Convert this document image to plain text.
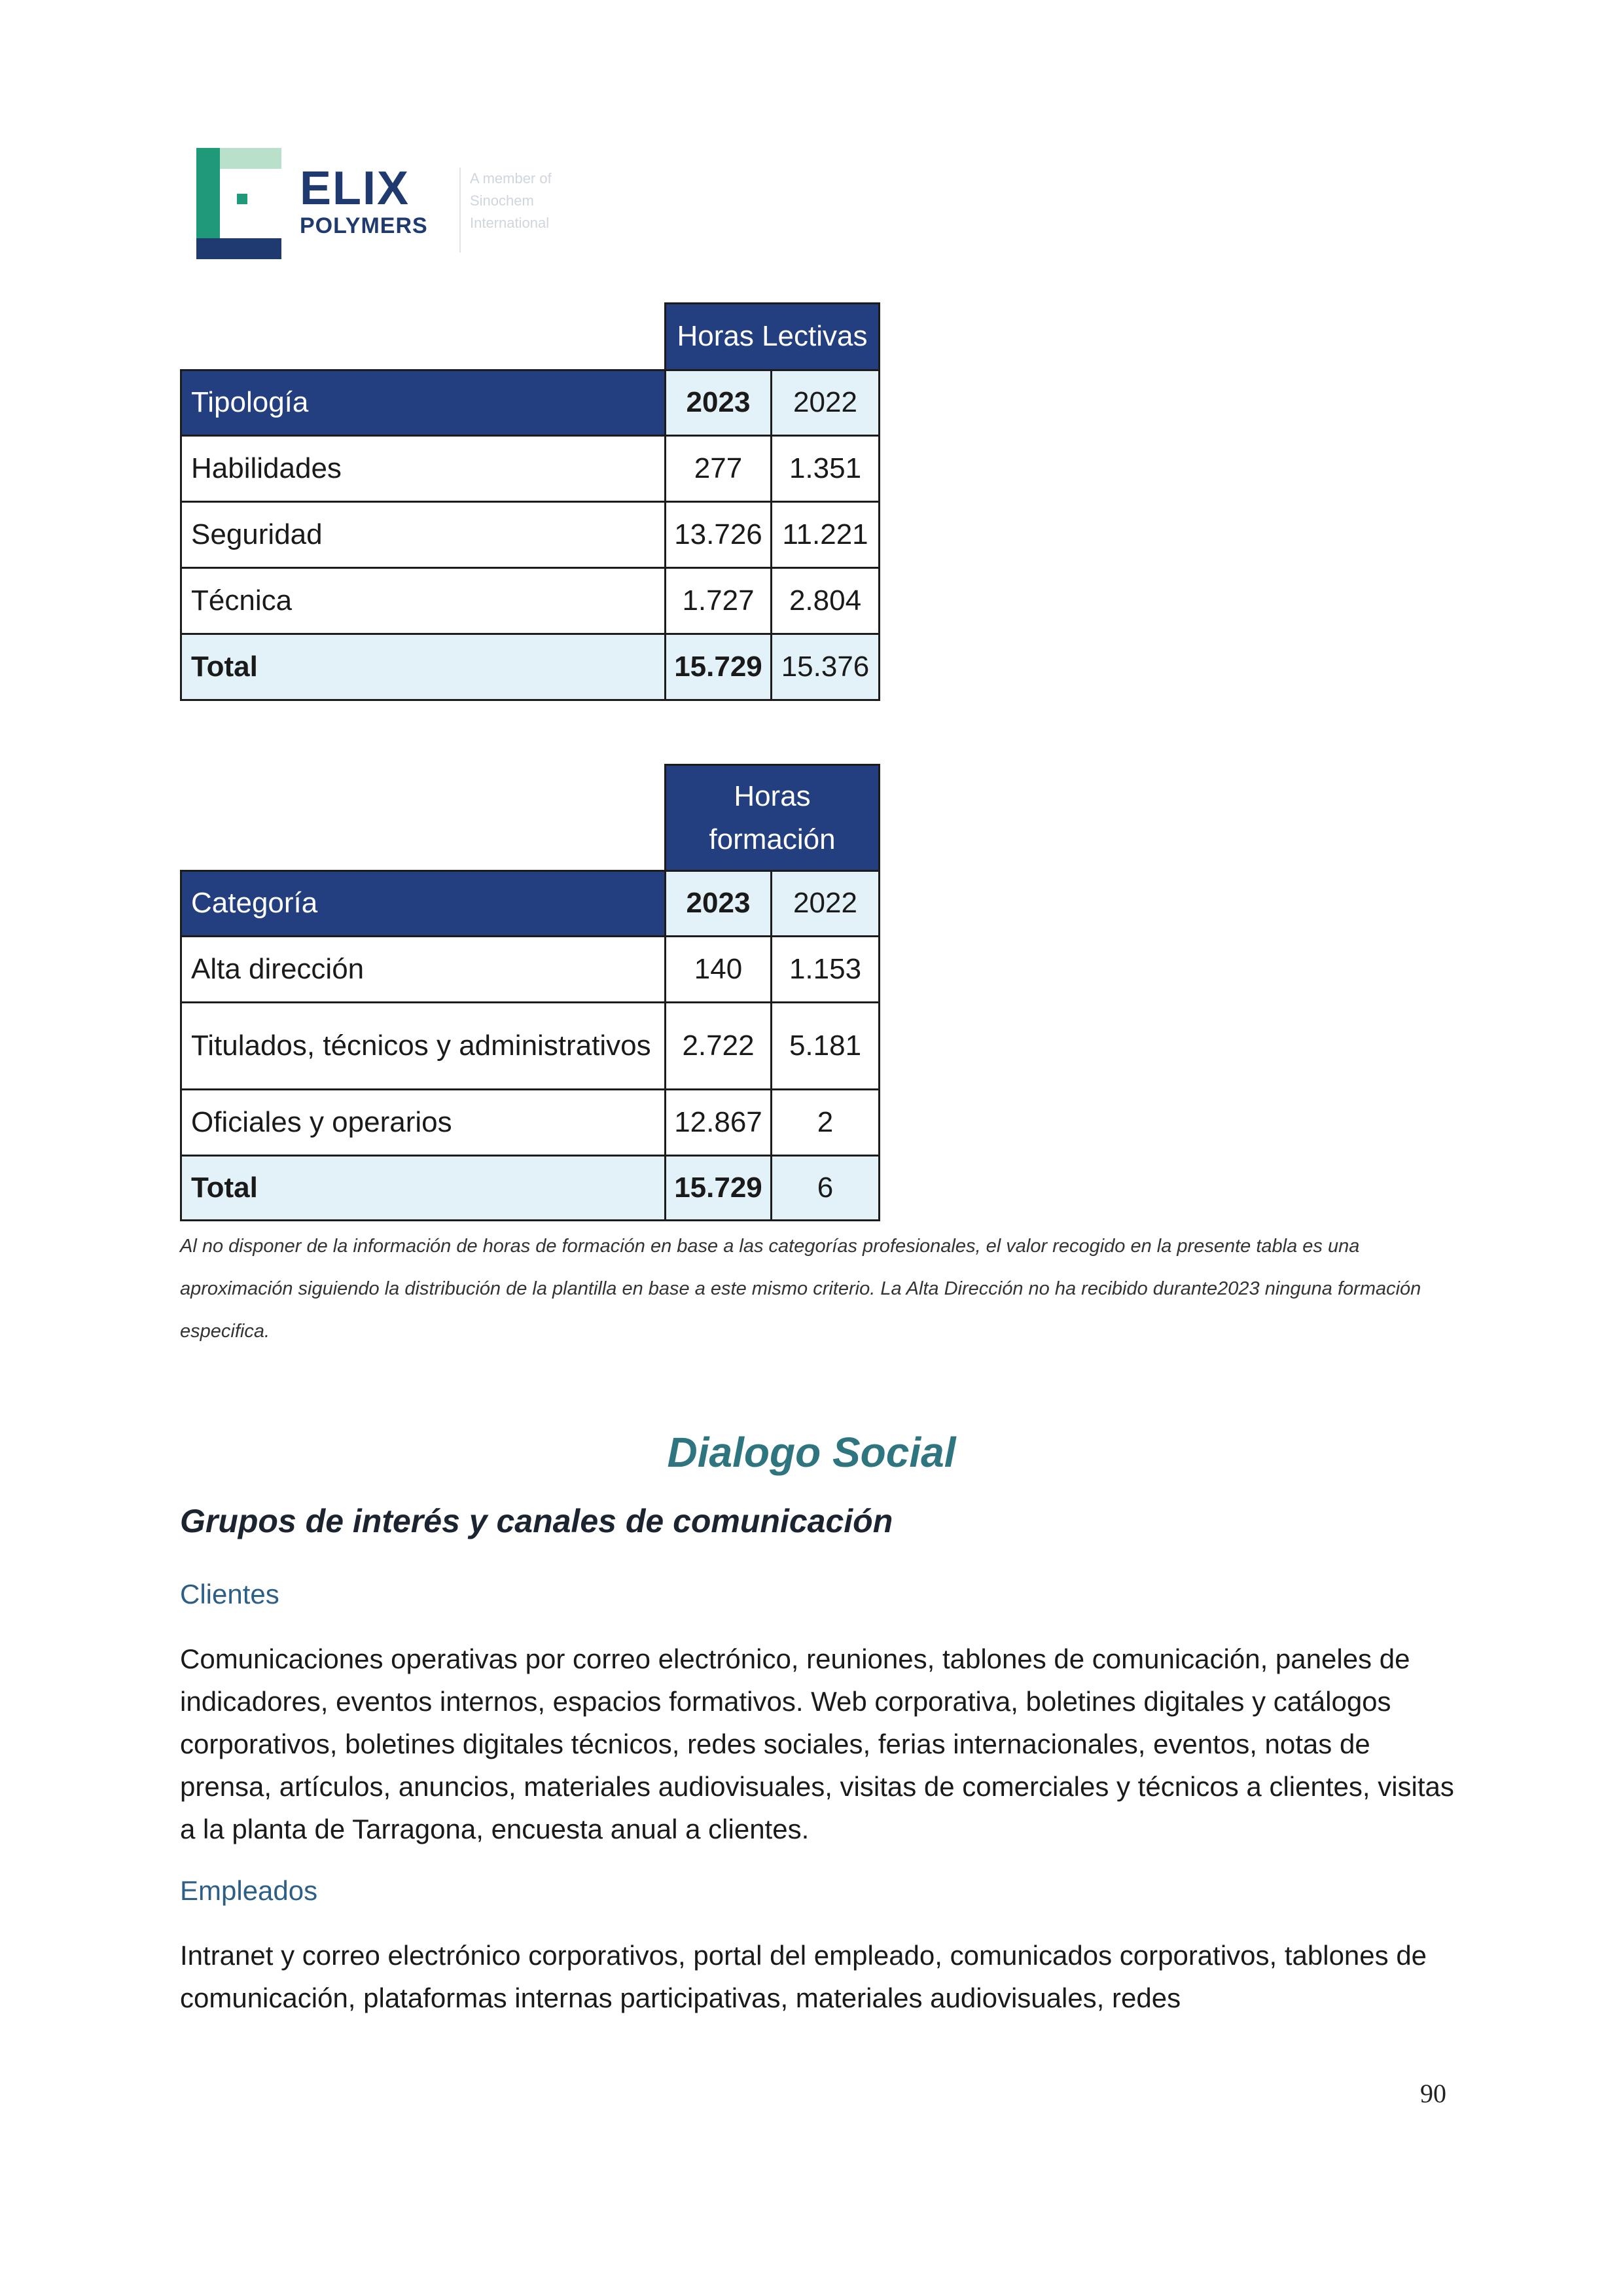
ELIX
POLYMERS
A member of
Sinochem
International
Horas Lectivas
Tipología	2023	2022
Habilidades	277	1.351
Seguridad	13.726 11.221
Técnica	1.727	2.804
Total	15.729 15.376
Horas formación
Categoría	2023	2022
Alta dirección	140	1.153
Titulados, técnicos y administrativos	2.722	5.181
Oficiales y operarios	12.867	2
Total	15.729	6
Al no disponer de la información de horas de formación en base a las categorías profesionales, el valor recogido en la presente tabla es una aproximación siguiendo la distribución de la plantilla en base a este mismo criterio. La Alta Dirección no ha recibido durante2023 ninguna formación especifica.
Dialogo Social
Grupos de interés y canales de comunicación
Clientes
Comunicaciones operativas por correo electrónico, reuniones, tablones de comunicación, paneles de indicadores, eventos internos, espacios formativos. Web corporativa, boletines digitales y catálogos corporativos, boletines digitales técnicos, redes sociales, ferias internacionales, eventos, notas de prensa, artículos, anuncios, materiales audiovisuales, visitas de comerciales y técnicos a clientes, visitas a la planta de Tarragona, encuesta anual a clientes.
Empleados
Intranet y correo electrónico corporativos, portal del empleado, comunicados corporativos, tablones de comunicación, plataformas internas participativas, materiales audiovisuales, redes
90
